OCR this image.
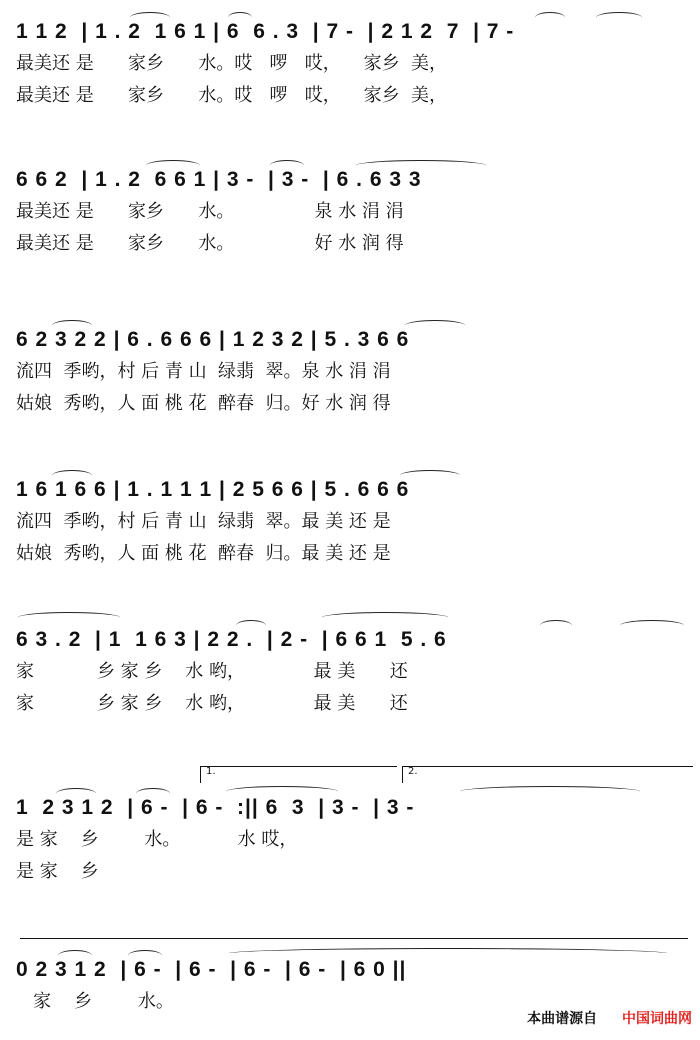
1 1 2  | 1 . 2  1 6 1 | 6  6 . 3  | 7 -  | 2 1 2  7  | 7 -
最美还 是      家乡      水。哎   啰   哎，    家乡  美，
最美还 是      家乡      水。哎   啰   哎，    家乡  美，
6 6 2  | 1 . 2  6 6 1 | 3 -  | 3 -  | 6 . 6 3 3
最美还 是      家乡      水。              泉 水 涓 涓
最美还 是      家乡      水。              好 水 润 得
6 2 3 2 2 | 6 . 6 6 6 | 1 2 3 2 | 5 . 3 6 6
流四  季哟，村 后 青 山  绿翡  翠。泉 水 涓 涓
姑娘  秀哟，人 面 桃 花  醉春  归。好 水 润 得
1 6 1 6 6 | 1 . 1 1 1 | 2 5 6 6 | 5 . 6 6 6
流四  季哟，村 后 青 山  绿翡  翠。最 美 还 是
姑娘  秀哟，人 面 桃 花  醉春  归。最 美 还 是
6 3 . 2  | 1  1 6 3 | 2 2 .  | 2 -  | 6 6 1  5 . 6
家           乡 家 乡    水 哟，            最 美      还
家           乡 家 乡    水 哟，            最 美      还
1.	2.
1  2 3 1 2  | 6 -  | 6 -  :|| 6  3  | 3 -  | 3 -
是 家    乡        水。          水 哎，
是 家    乡
0 2 3 1 2  | 6 -  | 6 -  | 6 -  | 6 -  | 6 0 ||
家    乡        水。
本曲谱源自 中国词曲网
